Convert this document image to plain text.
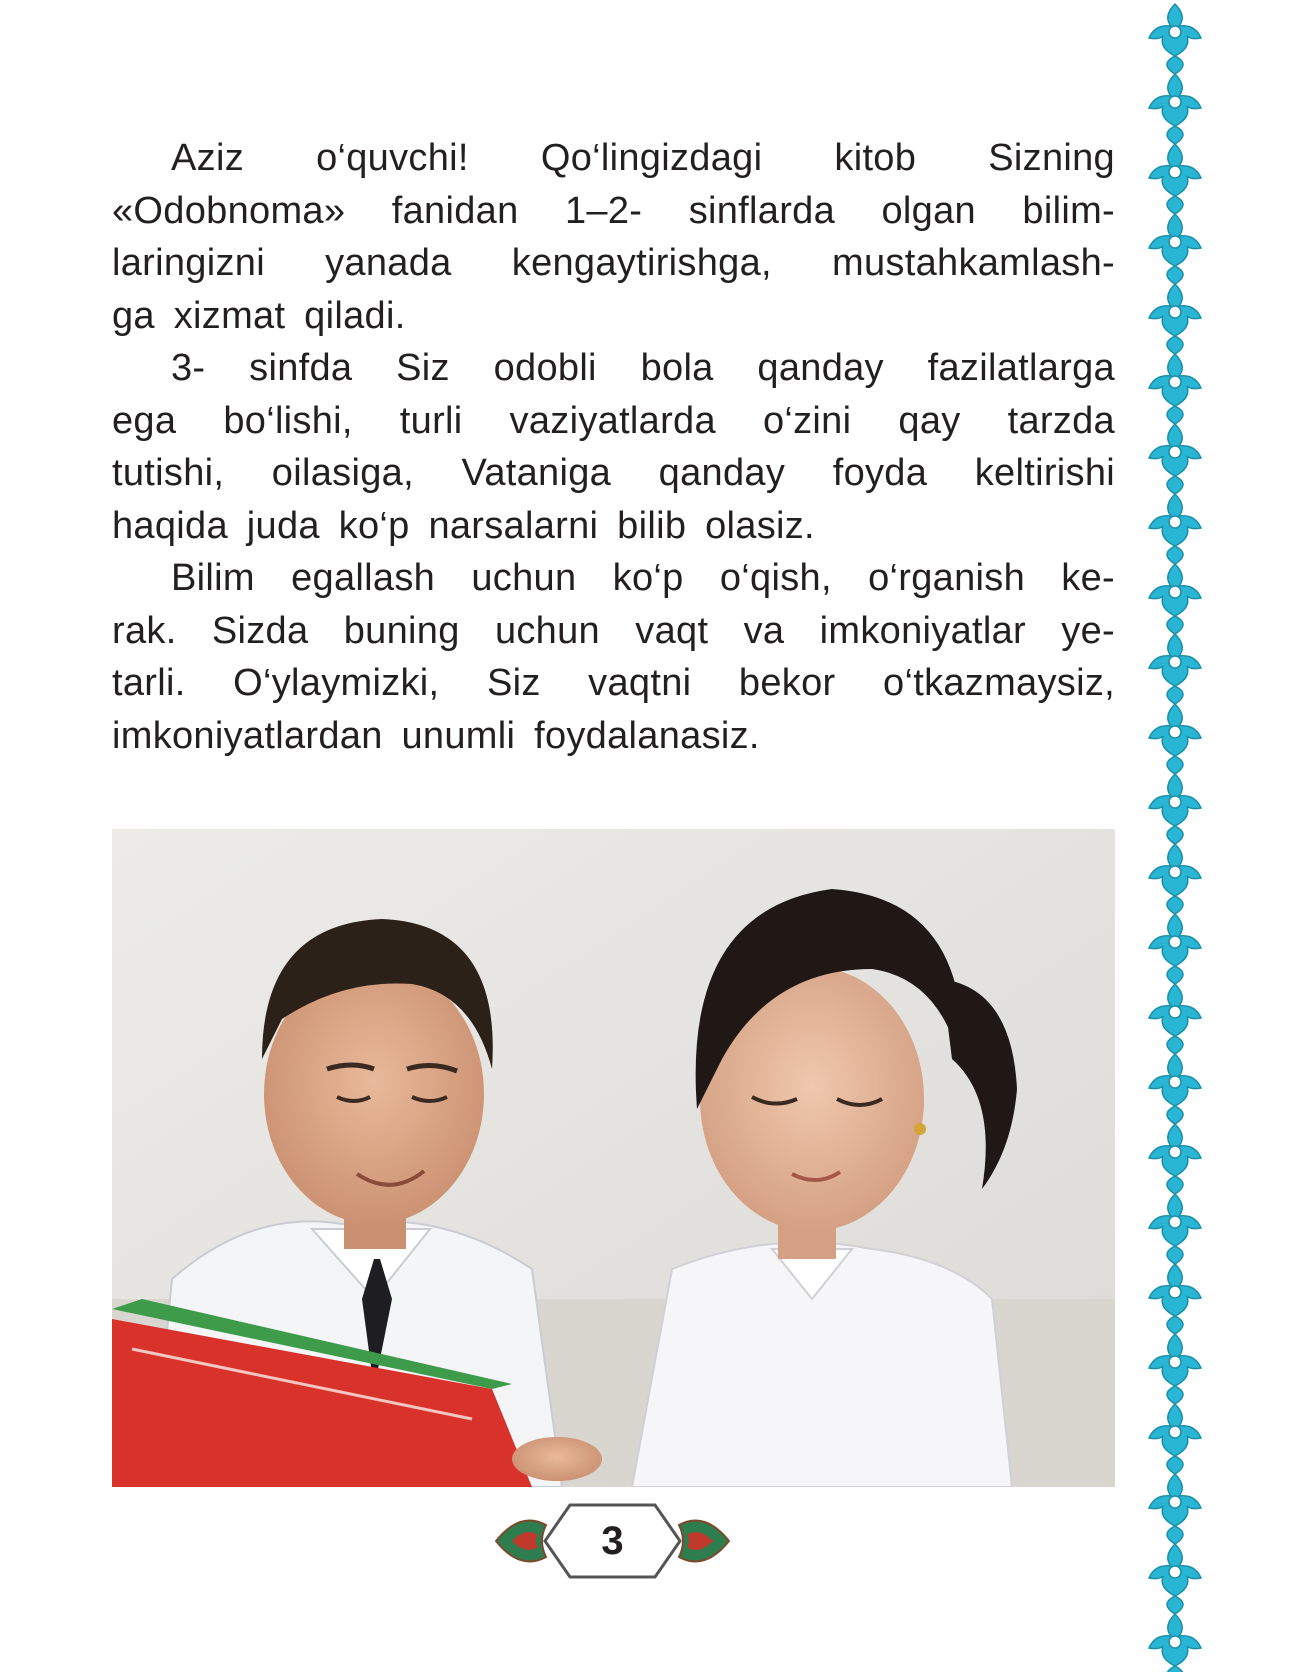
Aziz o‘quvchi! Qo‘lingizdagi kitob Sizning
«Odobnoma» fanidan 1–2- sinflarda olgan bilim-
laringizni yanada kengaytirishga, mustahkamlash-
ga xizmat qiladi.

3- sinfda Siz odobli bola qanday fazilatlarga
ega bo‘lishi, turli vaziyatlarda o‘zini qay tarzda
tutishi, oilasiga, Vataniga qanday foyda keltirishi
haqida juda ko‘p narsalarni bilib olasiz.

Bilim egallash uchun ko‘p o‘qish, o‘rganish ke-
rak. Sizda buning uchun vaqt va imkoniyatlar ye-
tarli. O‘ylaymizki, Siz vaqtni bekor o‘tkazmaysiz,
imkoniyatlardan unumli foydalanasiz.

3
